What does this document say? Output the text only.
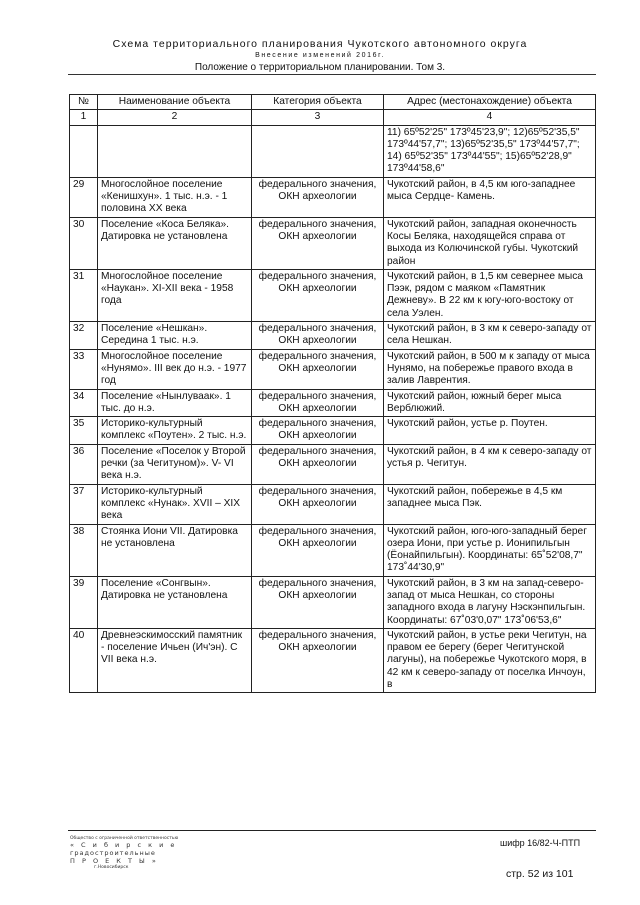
Схема территориального планирования Чукотского автономного округа
Внесение изменений 2016г.
Положение о территориальном планировании. Том 3.
№	Наименование объекта	Категория объекта	Адрес (местонахождение) объекта
1	2	3	4
			11) 65º52'25" 173º45'23,9"; 12)65º52'35,5" 173º44'57,7"; 13)65º52'35,5" 173º44'57,7"; 14) 65º52'35" 173º44'55"; 15)65º52'28,9" 173º44'58,6"
29	Многослойное поселение «Кенишхун». 1 тыс. н.э. - 1 половина XX века	федерального значения, ОКН археологии	Чукотский район, в 4,5 км юго-западнее мыса Сердце- Камень.
30	Поселение «Коса Беляка». Датировка не установлена	федерального значения, ОКН археологии	Чукотский район, западная оконечность Косы Беляка, находящейся справа от выхода из Колючинской губы. Чукотский район
31	Многослойное поселение «Наукан». XI-XII века - 1958 года	федерального значения, ОКН археологии	Чукотский район, в 1,5 км севернее мыса Пээк, рядом с маяком «Памятник Дежневу». В 22 км к югу-юго-востоку от села Уэлен.
32	Поселение «Нешкан». Середина 1 тыс. н.э.	федерального значения, ОКН археологии	Чукотский район, в 3 км к северо-западу от села Нешкан.
33	Многослойное поселение «Нунямо». III век до н.э. - 1977 год	федерального значения, ОКН археологии	Чукотский район, в 500 м к западу от мыса Нунямо, на побережье правого входа в залив Лаврентия.
34	Поселение «Нынлуваак». 1 тыс. до н.э.	федерального значения, ОКН археологии	Чукотский район, южный берег мыса Верблюжий.
35	Историко-культурный комплекс «Поутен». 2 тыс. н.э.	федерального значения, ОКН археологии	Чукотский район, устье р. Поутен.
36	Поселение «Поселок у Второй речки (за Чегитуном)». V- VI века н.э.	федерального значения, ОКН археологии	Чукотский район, в 4 км к северо-западу от устья р. Чегитун.
37	Историко-культурный комплекс «Нунак». XVII – XIX века	федерального значения, ОКН археологии	Чукотский район, побережье в 4,5 км западнее мыса Пэк.
38	Стоянка Иони VII. Датировка не установлена	федерального значения, ОКН археологии	Чукотский район, юго-юго-западный берег озера Иони, при устье р. Ионипильгын (Ёонайпильгын). Координаты: 65˚52'08,7" 173˚44'30,9"
39	Поселение «Сонгвын». Датировка не установлена	федерального значения, ОКН археологии	Чукотский район, в 3 км на запад-северо-запад от мыса Нешкан, со стороны западного входа в лагуну Нэскэнпильгын. Координаты: 67˚03'0,07" 173˚06'53,6"
40	Древнеэскимосский памятник - поселение Ичьен (Ич'эн). С VII века н.э.	федерального значения, ОКН археологии	Чукотский район, в устье реки Чегитун, на правом ее берегу (берег Чегитунской лагуны), на побережье Чукотского моря, в 42 км к северо-западу от поселка Инчоун, в
Общество с ограниченной ответственностью
« С и б и р с к и е
градостроительные
П Р О Е К Т Ы »
г.Новосибирск
шифр 16/82-Ч-ПТП
стр. 52 из 101
